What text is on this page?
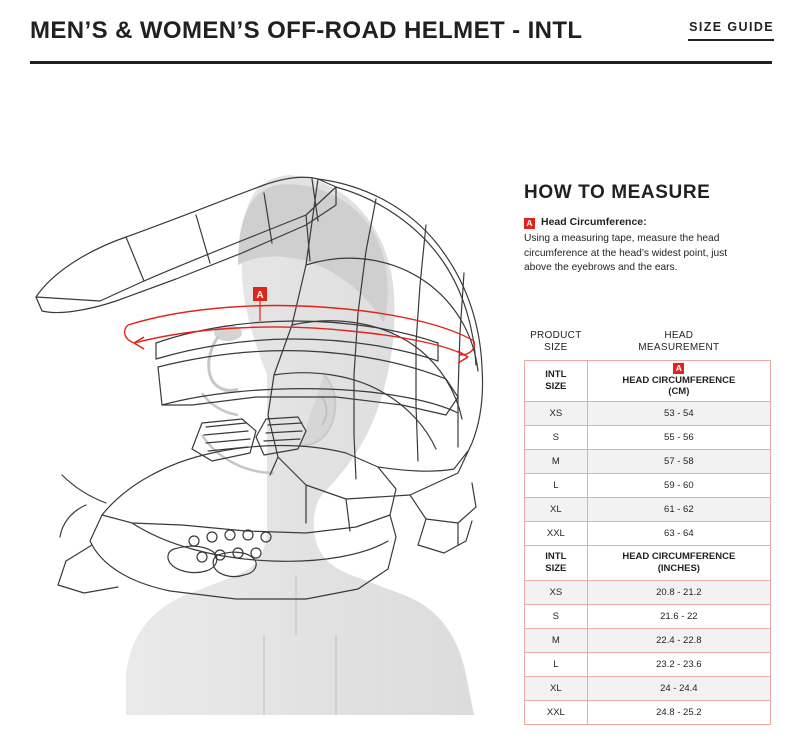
MEN’S & WOMEN’S OFF-ROAD HELMET - INTL	SIZE GUIDE
A
HOW TO MEASURE
A Head Circumference:

Using a measuring tape, measure the head circumference at the head’s widest point, just above the eyebrows and the ears.

PRODUCT
SIZE	HEAD
MEASUREMENT
INTL
SIZE	A
HEAD CIRCUMFERENCE
(CM)
XS	53 - 54
S	55 - 56
M	57 - 58
L	59 - 60
XL	61 - 62
XXL	63 - 64
INTL
SIZE	HEAD CIRCUMFERENCE
(INCHES)
XS	20.8 - 21.2
S	21.6 - 22
M	22.4 - 22.8
L	23.2 - 23.6
XL	24 - 24.4
XXL	24.8 - 25.2
